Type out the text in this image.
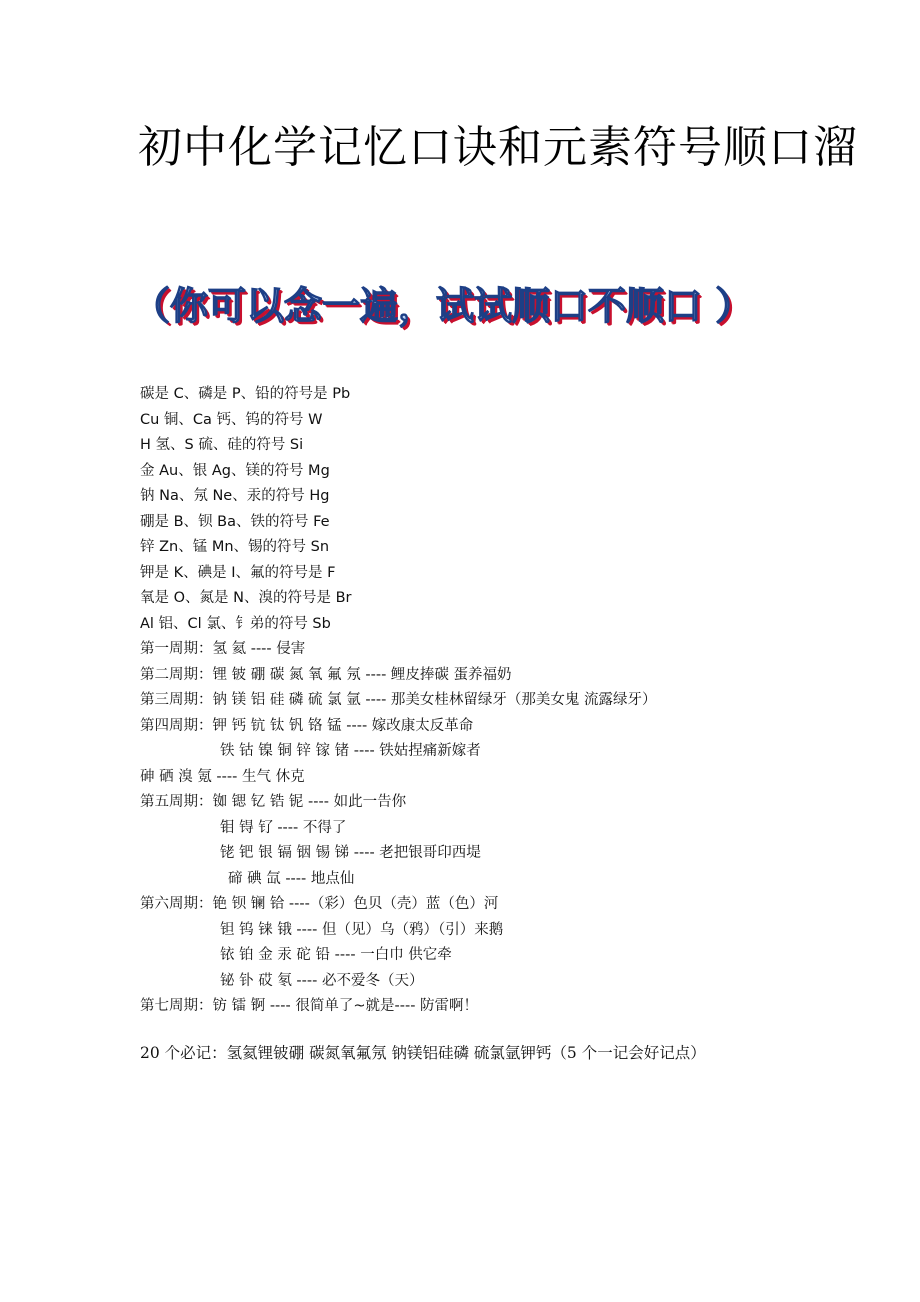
初中化学记忆口诀和元素符号顺口溜
（你可以念一遍，试试顺口不顺口 ）
碳是 C、磷是 P、铅的符号是 Pb
Cu 铜、Ca 钙、钨的符号 W
H 氢、S 硫、硅的符号 Si
金 Au、银 Ag、镁的符号 Mg
钠 Na、氖 Ne、汞的符号 Hg
硼是 B、钡 Ba、铁的符号 Fe
锌 Zn、锰 Mn、锡的符号 Sn
钾是 K、碘是 I、氟的符号是 F
氧是 O、氮是 N、溴的符号是 Br
Al 铝、Cl 氯、钅弟的符号 Sb
第一周期：氢 氦 ---- 侵害
第二周期：锂 铍 硼 碳 氮 氧 氟 氖 ---- 鲤皮捧碳 蛋养福奶
第三周期：钠 镁 铝 硅 磷 硫 氯 氩 ---- 那美女桂林留绿牙（那美女鬼 流露绿牙）
第四周期：钾 钙 钪 钛 钒 铬 锰 ---- 嫁改康太反革命
铁 钴 镍 铜 锌 镓 锗 ---- 铁姑捏痛新嫁者
砷 硒 溴 氪 ---- 生气 休克
第五周期：铷 锶 钇 锆 铌 ---- 如此一告你
钼 锝 钌 ---- 不得了
铑 钯 银 镉 铟 锡 锑 ---- 老把银哥印西堤
碲 碘 氙 ---- 地点仙
第六周期：铯 钡 镧 铪 ----（彩）色贝（壳）蓝（色）河
钽 钨 铼 锇 ---- 但（见）乌（鸦）（引）来鹅
铱 铂 金 汞 砣 铅 ---- 一白巾 供它牵
铋 钋 砹 氡 ---- 必不爱冬（天）
第七周期：钫 镭 锕 ---- 很简单了~就是---- 防雷啊！
20 个必记：氢氦锂铍硼 碳氮氧氟氖 钠镁铝硅磷 硫氯氩钾钙（5 个一记会好记点）
